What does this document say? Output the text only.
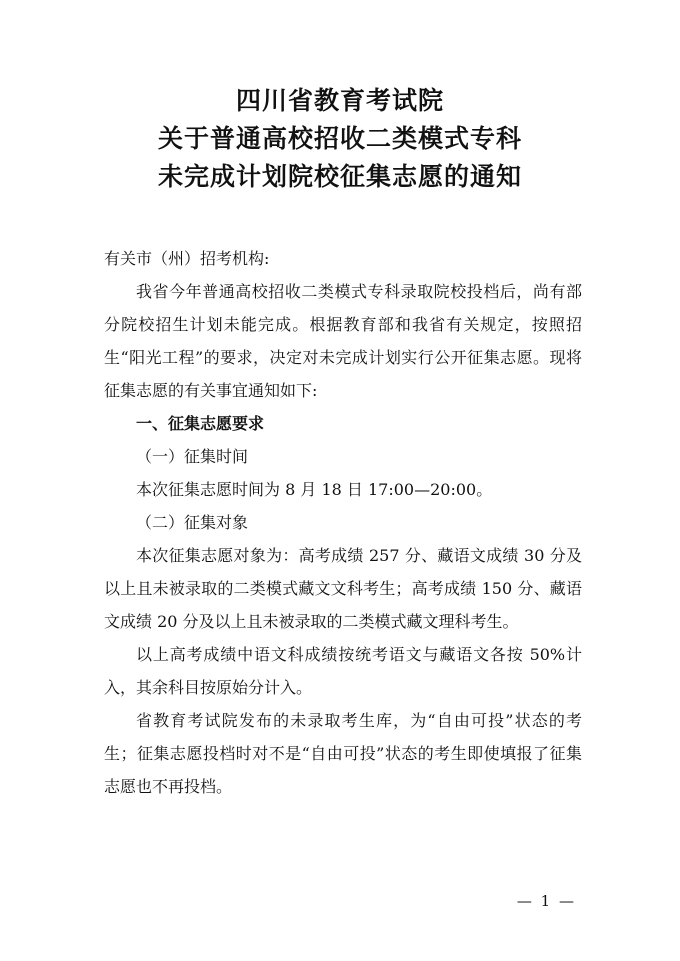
四川省教育考试院
关于普通高校招收二类模式专科
未完成计划院校征集志愿的通知

有关市（州）招考机构:

我省今年普通高校招收二类模式专科录取院校投档后，尚有部分院校招生计划未能完成。根据教育部和我省有关规定，按照招生“阳光工程”的要求，决定对未完成计划实行公开征集志愿。现将征集志愿的有关事宜通知如下:

一、征集志愿要求

（一）征集时间

本次征集志愿时间为 8 月 18 日 17:00—20:00。

（二）征集对象

本次征集志愿对象为：高考成绩 257 分、藏语文成绩 30 分及以上且未被录取的二类模式藏文文科考生；高考成绩 150 分、藏语文成绩 20 分及以上且未被录取的二类模式藏文理科考生。

以上高考成绩中语文科成绩按统考语文与藏语文各按 50%计入，其余科目按原始分计入。

省教育考试院发布的未录取考生库，为“自由可投”状态的考生；征集志愿投档时对不是“自由可投”状态的考生即使填报了征集志愿也不再投档。

— 1 —
